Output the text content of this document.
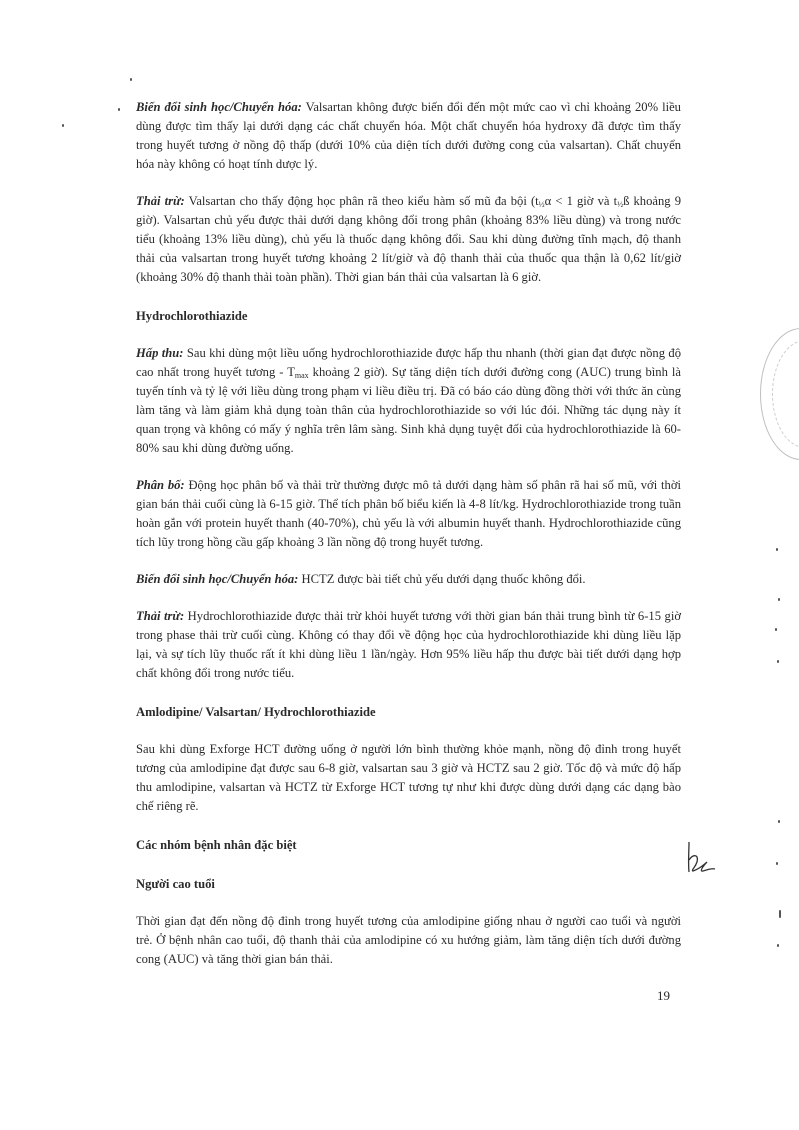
Biến đổi sinh học/Chuyển hóa: Valsartan không được biến đổi đến một mức cao vì chỉ khoảng 20% liều dùng được tìm thấy lại dưới dạng các chất chuyển hóa. Một chất chuyển hóa hydroxy đã được tìm thấy trong huyết tương ở nồng độ thấp (dưới 10% của diện tích dưới đường cong của valsartan). Chất chuyển hóa này không có hoạt tính dược lý.

Thải trừ: Valsartan cho thấy động học phân rã theo kiểu hàm số mũ đa bội ($t_{\frac{1}{2}}\alpha < 1$ giờ và $t_{\frac{1}{2}}ß$ khoảng 9 giờ). Valsartan chủ yếu được thải dưới dạng không đổi trong phân (khoảng 83% liều dùng) và trong nước tiểu (khoảng 13% liều dùng), chủ yếu là thuốc dạng không đổi. Sau khi dùng đường tĩnh mạch, độ thanh thải của valsartan trong huyết tương khoảng 2 lít/giờ và độ thanh thải của thuốc qua thận là 0,62 lít/giờ (khoảng 30% độ thanh thải toàn phần). Thời gian bán thải của valsartan là 6 giờ.

Hydrochlorothiazide

Hấp thu: Sau khi dùng một liều uống hydrochlorothiazide được hấp thu nhanh (thời gian đạt được nồng độ cao nhất trong huyết tương - $T_{max}$ khoảng 2 giờ). Sự tăng diện tích dưới đường cong (AUC) trung bình là tuyến tính và tỷ lệ với liều dùng trong phạm vi liều điều trị. Đã có báo cáo dùng đồng thời với thức ăn cùng làm tăng và làm giảm khả dụng toàn thân của hydrochlorothiazide so với lúc đói. Những tác dụng này ít quan trọng và không có mấy ý nghĩa trên lâm sàng. Sinh khả dụng tuyệt đối của hydrochlorothiazide là 60-80% sau khi dùng đường uống.

Phân bố: Động học phân bố và thải trừ thường được mô tả dưới dạng hàm số phân rã hai số mũ, với thời gian bán thải cuối cùng là 6-15 giờ. Thể tích phân bố biểu kiến là 4-8 lít/kg. Hydrochlorothiazide trong tuần hoàn gắn với protein huyết thanh (40-70%), chủ yếu là với albumin huyết thanh. Hydrochlorothiazide cũng tích lũy trong hồng cầu gấp khoảng 3 lần nồng độ trong huyết tương.

Biến đổi sinh học/Chuyển hóa: HCTZ được bài tiết chủ yếu dưới dạng thuốc không đổi.

Thải trừ: Hydrochlorothiazide được thải trừ khỏi huyết tương với thời gian bán thải trung bình từ 6-15 giờ trong phase thải trừ cuối cùng. Không có thay đổi về động học của hydrochlorothiazide khi dùng liều lặp lại, và sự tích lũy thuốc rất ít khi dùng liều 1 lần/ngày. Hơn 95% liều hấp thu được bài tiết dưới dạng hợp chất không đổi trong nước tiểu.

Amlodipine/ Valsartan/ Hydrochlorothiazide

Sau khi dùng Exforge HCT đường uống ở người lớn bình thường khỏe mạnh, nồng độ đỉnh trong huyết tương của amlodipine đạt được sau 6-8 giờ, valsartan sau 3 giờ và HCTZ sau 2 giờ. Tốc độ và mức độ hấp thu amlodipine, valsartan và HCTZ từ Exforge HCT tương tự như khi được dùng dưới dạng các dạng bào chế riêng rẽ.

Các nhóm bệnh nhân đặc biệt

Người cao tuổi

Thời gian đạt đến nồng độ đỉnh trong huyết tương của amlodipine giống nhau ở người cao tuổi và người trẻ. Ở bệnh nhân cao tuổi, độ thanh thải của amlodipine có xu hướng giảm, làm tăng diện tích dưới đường cong (AUC) và tăng thời gian bán thải.

19
